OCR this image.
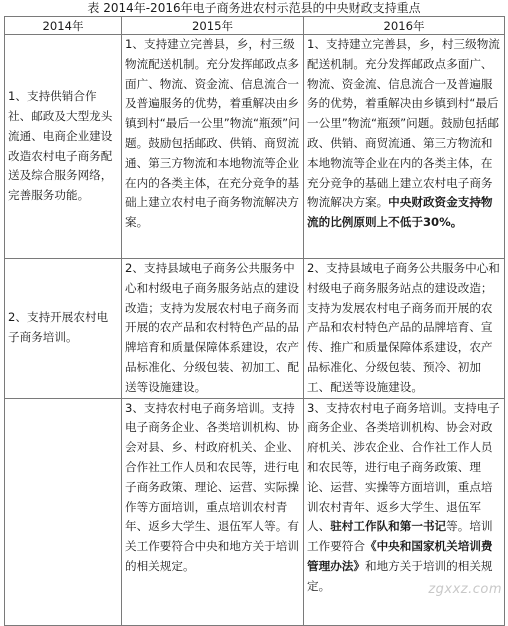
表 2014年-2016年电子商务进农村示范县的中央财政支持重点
2014年	2015年	2016年
1、支持供销合作社、邮政及大型龙头流通、电商企业建设改造农村电子商务配送及综合服务网络，完善服务功能。	1、支持建立完善县，乡，村三级物流配送机制。充分发挥邮政点多面广、物流、资金流、信息流合一及普遍服务的优势，着重解决由乡镇到村“最后一公里”物流“瓶颈”问题。鼓励包括邮政、供销、商贸流通、第三方物流和本地物流等企业在内的各类主体，在充分竞争的基础上建立农村电子商务物流解决方案。	1、支持建立完善县，乡，村三级物流配送机制。充分发挥邮政点多面广、物流、资金流、信息流合一及普遍服务的优势，着重解决由乡镇到村“最后一公里”物流“瓶颈”问题。鼓励包括邮政、供销、商贸流通、第三方物流和本地物流等企业在内的各类主体，在充分竞争的基础上建立农村电子商务物流解决方案。中央财政资金支持物流的比例原则上不低于30%。
2、支持开展农村电子商务培训。	2、支持县域电子商务公共服务中心和村级电子商务服务站点的建设改造；支持为发展农村电子商务而开展的农产品和农村特色产品的品牌培育和质量保障体系建设，农产品标准化、分级包装、初加工、配送等设施建设。	2、支持县域电子商务公共服务中心和村级电子商务服务站点的建设改造；支持为发展农村电子商务而开展的农产品和农村特色产品的品牌培育、宣传、推广和质量保障体系建设，农产品标准化、分级包装、预冷、初加工、配送等设施建设。
	3、支持农村电子商务培训。支持电子商务企业、各类培训机构、协会对县、乡、村政府机关、企业、合作社工作人员和农民等，进行电子商务政策、理论、运营、实际操作等方面培训，重点培训农村青年、返乡大学生、退伍军人等。有关工作要符合中央和地方关于培训的相关规定。	3、支持农村电子商务培训。支持电子商务企业、各类培训机构、协会对政府机关、涉农企业、合作社工作人员和农民等，进行电子商务政策、理论、运营、实操等方面培训，重点培训农村青年、返乡大学生、退伍军人、驻村工作队和第一书记等。培训工作要符合《中央和国家机关培训费管理办法》和地方关于培训的相关规定。	zgxxz.com
